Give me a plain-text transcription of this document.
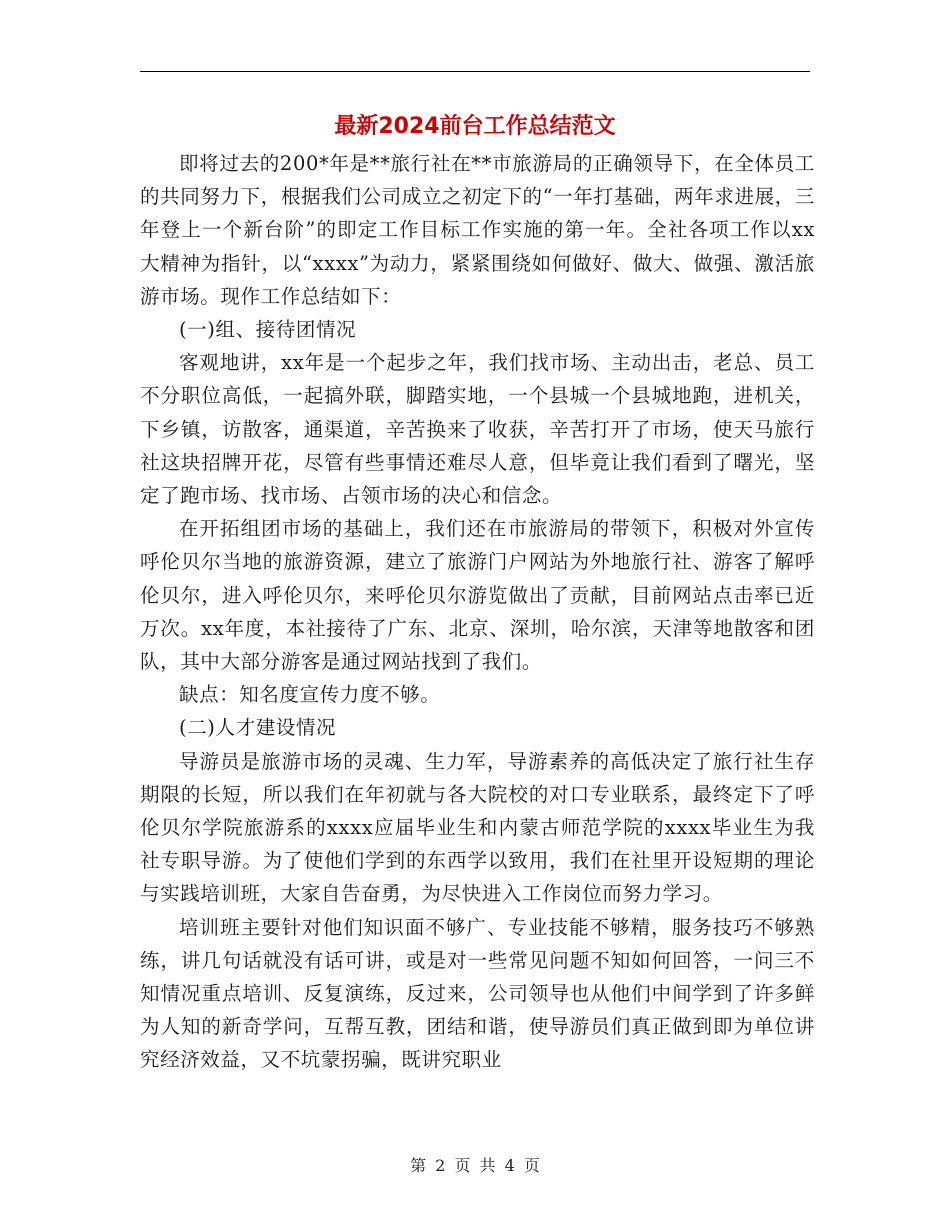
最新2024前台工作总结范文

即将过去的200*年是**旅行社在**市旅游局的正确领导下，在全体员工的共同努力下，根据我们公司成立之初定下的“一年打基础，两年求进展，三年登上一个新台阶”的即定工作目标工作实施的第一年。全社各项工作以xx大精神为指针，以“xxxx”为动力，紧紧围绕如何做好、做大、做强、激活旅游市场。现作工作总结如下：

(一)组、接待团情况

客观地讲，xx年是一个起步之年，我们找市场、主动出击，老总、员工不分职位高低，一起搞外联，脚踏实地，一个县城一个县城地跑，进机关，下乡镇，访散客，通渠道，辛苦换来了收获，辛苦打开了市场，使天马旅行社这块招牌开花，尽管有些事情还难尽人意，但毕竟让我们看到了曙光，坚定了跑市场、找市场、占领市场的决心和信念。

在开拓组团市场的基础上，我们还在市旅游局的带领下，积极对外宣传呼伦贝尔当地的旅游资源，建立了旅游门户网站为外地旅行社、游客了解呼伦贝尔，进入呼伦贝尔，来呼伦贝尔游览做出了贡献，目前网站点击率已近万次。xx年度，本社接待了广东、北京、深圳，哈尔滨，天津等地散客和团队，其中大部分游客是通过网站找到了我们。

缺点：知名度宣传力度不够。

(二)人才建设情况

导游员是旅游市场的灵魂、生力军，导游素养的高低决定了旅行社生存期限的长短，所以我们在年初就与各大院校的对口专业联系，最终定下了呼伦贝尔学院旅游系的xxxx应届毕业生和内蒙古师范学院的xxxx毕业生为我社专职导游。为了使他们学到的东西学以致用，我们在社里开设短期的理论与实践培训班，大家自告奋勇，为尽快进入工作岗位而努力学习。

培训班主要针对他们知识面不够广、专业技能不够精，服务技巧不够熟练，讲几句话就没有话可讲，或是对一些常见问题不知如何回答，一问三不知情况重点培训、反复演练，反过来，公司领导也从他们中间学到了许多鲜为人知的新奇学问，互帮互教，团结和谐，使导游员们真正做到即为单位讲究经济效益，又不坑蒙拐骗，既讲究职业

第 2 页 共 4 页
